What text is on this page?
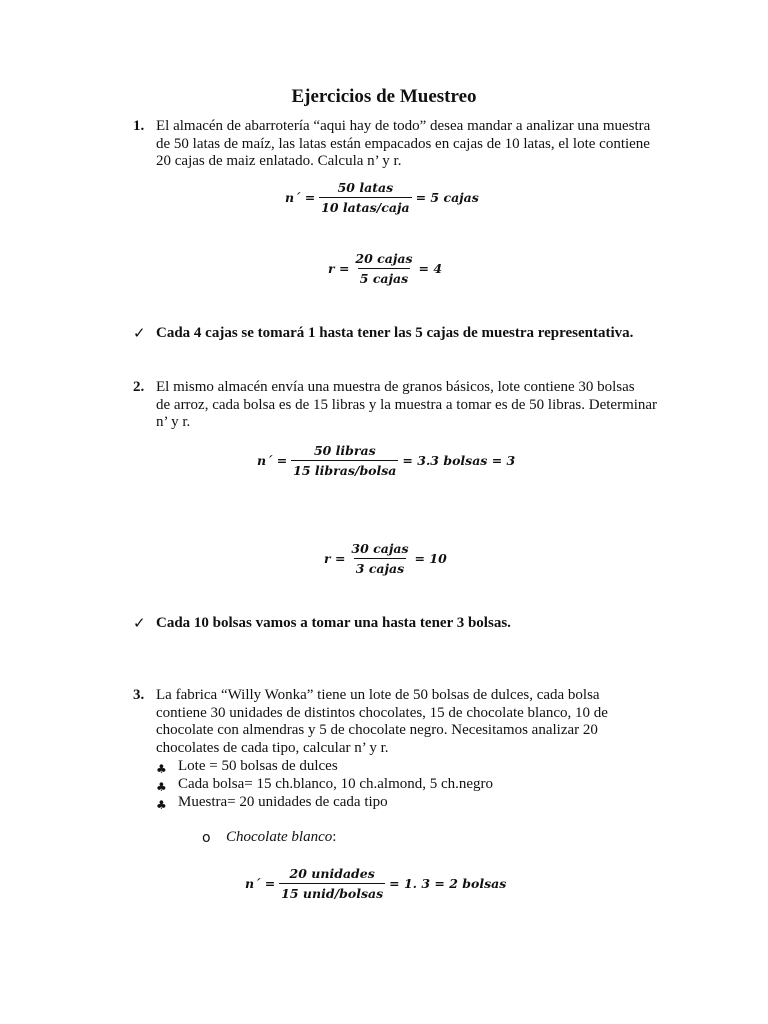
Ejercicios de Muestreo
1. El almacén de abarrotería “aqui hay de todo” desea mandar a analizar una muestra
de 50 latas de maíz, las latas están empacados en cajas de 10 latas, el lote contiene
20 cajas de maiz enlatado. Calcula n’ y r.
n´ = $\frac{\text{50 latas}}{\text{10 latas/caja}} = 5$ cajas
$r = \frac{\text{20 cajas}}{\text{5 cajas}} = 4$
✓ Cada 4 cajas se tomará 1 hasta tener las 5 cajas de muestra representativa.
2. El mismo almacén envía una muestra de granos básicos, lote contiene 30 bolsas
de arroz, cada bolsa es de 15 libras y la muestra a tomar es de 50 libras. Determinar
n’ y r.
n´ = $\frac{\text{50 libras}}{\text{15 libras/bolsa}} = 3.3$ bolsas = 3
$r = \frac{\text{30 cajas}}{\text{3 cajas}} = 10$
✓ Cada 10 bolsas vamos a tomar una hasta tener 3 bolsas.
3. La fabrica “Willy Wonka” tiene un lote de 50 bolsas de dulces, cada bolsa
contiene 30 unidades de distintos chocolates, 15 de chocolate blanco, 10 de
chocolate con almendras y 5 de chocolate negro. Necesitamos analizar 20
chocolates de cada tipo, calcular n’ y r.
♣ Lote = 50 bolsas de dulces
♣ Cada bolsa= 15 ch.blanco, 10 ch.almond, 5 ch.negro
♣ Muestra= 20 unidades de cada tipo
o Chocolate blanco:
n´ = $\frac{\text{20 unidades}}{\text{15 unid/bolsas}} = 1$. 3 = 2 bolsas
